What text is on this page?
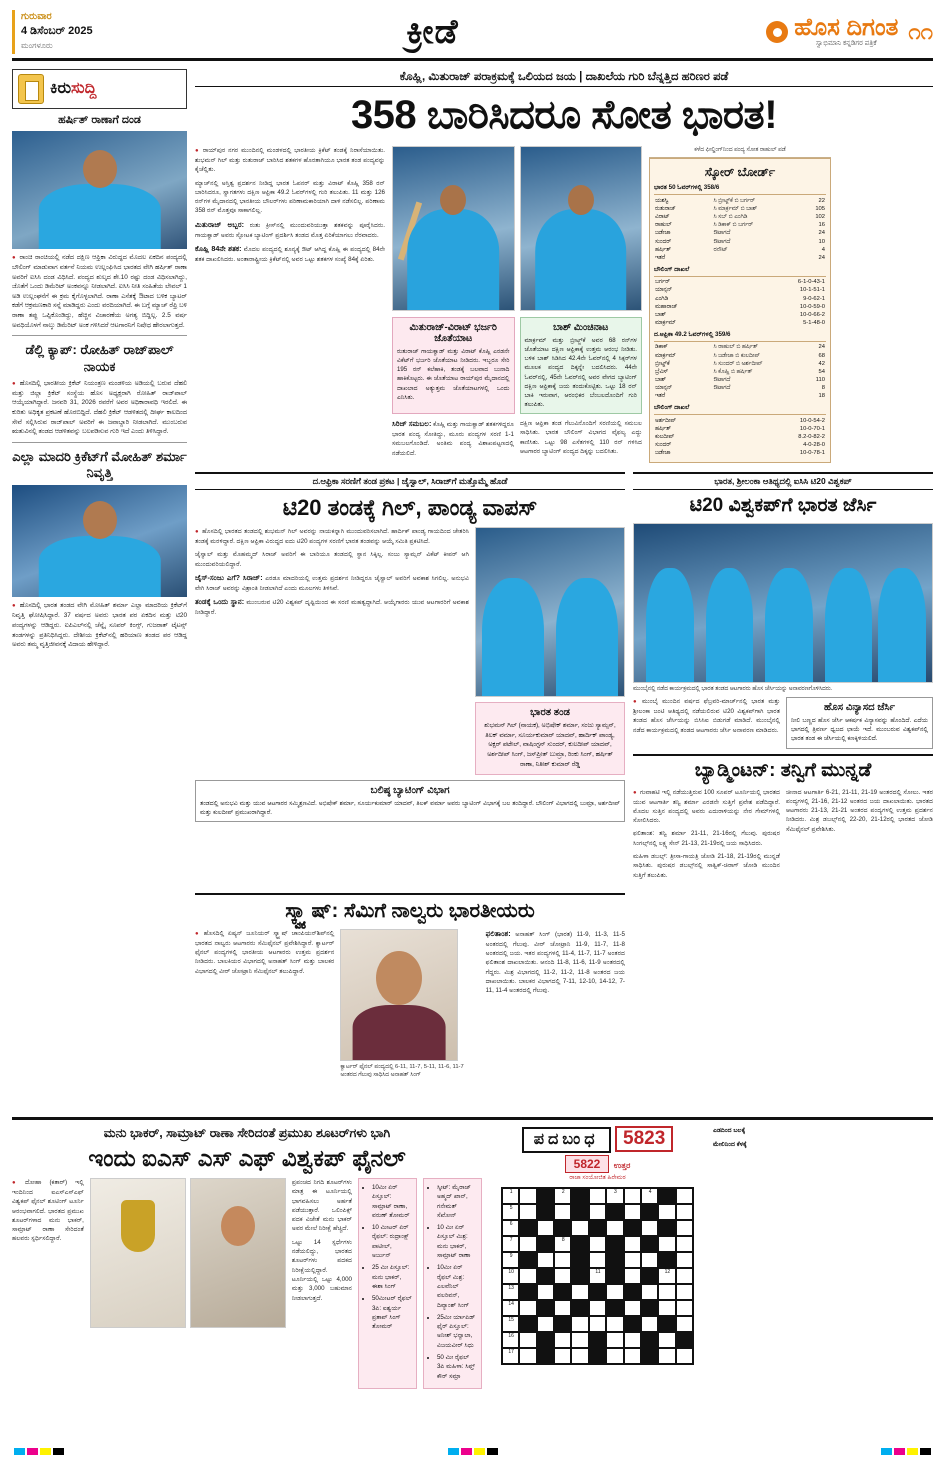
ಗುರುವಾರ
4 ಡಿಸೆಂಬರ್ 2025
ಮಂಗಳೂರು	ಕ್ರೀಡೆ	ಹೊಸ ದಿಗಂತ
ಸ್ವಾಭಿಮಾನಿ ಕನ್ನಡಿಗರ ಪತ್ರಿಕೆ	೧೧
ಕಿರುಸುದ್ದಿ
ಹರ್ಷಿತ್ ರಾಣಾಗೆ ದಂಡ

● ರಾಂಚಿ ರಾಂಚಿಯಲ್ಲಿ ನಡೆದ ದಕ್ಷಿಣ ಆಫ್ರಿಕಾ ವಿರುದ್ಧದ ಮೊದಲ ಏಕದಿನ ಪಂದ್ಯದಲ್ಲಿ ಬೌಲಿಂಗ್ ಮಾಡುವಾಗ ವರ್ತನೆ ನಿಯಮ ಉಲ್ಲಂಘಿಸಿದ ಭಾರತದ ವೇಗಿ ಹರ್ಷಿತ್ ರಾಣಾ ಅವರಿಗೆ ಐಸಿಸಿ ದಂಡ ವಿಧಿಸಿದೆ. ಪಂದ್ಯದ ಶುಲ್ಕದ ಶೇ.10 ರಷ್ಟು ದಂಡ ವಿಧಿಸಲಾಗಿದ್ದು, ಜೊತೆಗೆ ಒಂದು ಡಿಮೆರಿಟ್ ಅಂಕವನ್ನೂ ನೀಡಲಾಗಿದೆ. ಐಸಿಸಿ ನೀತಿ ಸಂಹಿತೆಯ ಲೇವಲ್ 1 ಅಡಿ ಉಲ್ಲಂಘನೆಗೆ ಈ ಕ್ರಮ ಕೈಗೊಳ್ಳಲಾಗಿದೆ. ರಾಣಾ ಎಸೆತಕ್ಕೆ ಔಟಾದ ಬಳಿಕ ಬ್ಯಾಟರ್ ಕಡೆಗೆ ಆಕ್ರಮಣಕಾರಿ ಸನ್ನೆ ಮಾಡಿದ್ದರು ಎಂದು ವರದಿಯಾಗಿದೆ. ಈ ಬಗ್ಗೆ ಮ್ಯಾಚ್ ರೆಫ್ರಿ ಬಳಿ ರಾಣಾ ತಪ್ಪು ಒಪ್ಪಿಕೊಂಡಿದ್ದು, ಹೆಚ್ಚಿನ ವಿಚಾರಣೆಯ ಅಗತ್ಯ ಬಿದ್ದಿಲ್ಲ. 2.5 ವರ್ಷ ಅವಧಿಯೊಳಗೆ ನಾಲ್ಕು ಡಿಮೆರಿಟ್ ಅಂಕ ಗಳಿಸಿದರೆ ಆಟಗಾರನಿಗೆ ನಿಷೇಧ ಹೇರಲಾಗುತ್ತದೆ.

ಡೆಲ್ಲಿ ಕ್ಯಾಪ್: ರೋಹಿತ್ ರಾಜ್‌ಪಾಲ್ ನಾಯಕ

● ಹೊಸದಿಲ್ಲಿ ಭಾರತೀಯ ಕ್ರಿಕೆಟ್ ನಿಯಂತ್ರಣ ಮಂಡಳಿಯ ಅಡಿಯಲ್ಲಿ ಬರುವ ದೆಹಲಿ ಮತ್ತು ಜಿಲ್ಲಾ ಕ್ರಿಕೆಟ್ ಸಂಸ್ಥೆಯ ಹೊಸ ಅಧ್ಯಕ್ಷರಾಗಿ ರೋಹಿತ್ ರಾಜ್‌ಪಾಲ್ ಆಯ್ಕೆಯಾಗಿದ್ದಾರೆ. ಜನವರಿ 31, 2026 ರವರೆಗೆ ಅವರ ಅಧಿಕಾರಾವಧಿ ಇರಲಿದೆ. ಈ ಕುರಿತು ಅಧಿಕೃತ ಪ್ರಕಟಣೆ ಹೊರಬಿದ್ದಿದೆ. ದೆಹಲಿ ಕ್ರಿಕೆಟ್ ಆಡಳಿತದಲ್ಲಿ ದೀರ್ಘ ಕಾಲದಿಂದ ಸೇವೆ ಸಲ್ಲಿಸಿರುವ ರಾಜ್‌ಪಾಲ್ ಅವರಿಗೆ ಈ ಜವಾಬ್ದಾರಿ ನೀಡಲಾಗಿದೆ. ಮುಂಬರುವ ಋತುವಿನಲ್ಲಿ ತಂಡದ ಆಡಳಿತವನ್ನು ಬಲಪಡಿಸುವ ಗುರಿ ಇದೆ ಎಂದು ತಿಳಿಸಿದ್ದಾರೆ.

ಎಲ್ಲಾ ಮಾದರಿ ಕ್ರಿಕೆಟ್‌ಗೆ ಮೋಹಿತ್ ಶರ್ಮಾ ನಿವೃತ್ತಿ

● ಹೊಸದಿಲ್ಲಿ ಭಾರತ ತಂಡದ ವೇಗಿ ಮೋಹಿತ್ ಶರ್ಮಾ ಎಲ್ಲಾ ಮಾದರಿಯ ಕ್ರಿಕೆಟ್‌ಗೆ ನಿವೃತ್ತಿ ಘೋಷಿಸಿದ್ದಾರೆ. 37 ವರ್ಷದ ಅವರು ಭಾರತ ಪರ ಏಕದಿನ ಮತ್ತು ಟಿ20 ಪಂದ್ಯಗಳನ್ನು ಆಡಿದ್ದರು. ಐಪಿಎಲ್‌ನಲ್ಲಿ ಚೆನ್ನೈ ಸೂಪರ್ ಕಿಂಗ್ಸ್, ಗುಜರಾತ್ ಟೈಟನ್ಸ್ ತಂಡಗಳನ್ನು ಪ್ರತಿನಿಧಿಸಿದ್ದರು. ದೇಶೀಯ ಕ್ರಿಕೆಟ್‌ನಲ್ಲಿ ಹರಿಯಾಣ ತಂಡದ ಪರ ಆಡಿದ್ದ ಅವರು ತಮ್ಮ ವೃತ್ತಿಜೀವನಕ್ಕೆ ವಿದಾಯ ಹೇಳಿದ್ದಾರೆ.

ಕೊಹ್ಲಿ, ಮಿತುರಾಜ್ ಪರಾಕ್ರಮಕ್ಕೆ ಒಲಿಯದ ಜಯ | ದಾಖಲೆಯ ಗುರಿ ಬೆನ್ನತ್ತಿದ ಹರಿಣರ ಪಡೆ
358 ಬಾರಿಸಿದರೂ ಸೋತ ಭಾರತ!

● ರಾಯ್‌ಪುರ ನಗರ ಮುಂದಿನಲ್ಲಿ ಮಂಡಳದಲ್ಲಿ ಭಾರತೀಯ ಕ್ರಿಕೆಟ್ ತಂಡಕ್ಕೆ ನಿರಾಸೆಯಾಯಿತು. ಶುಭಮನ್ ಗಿಲ್ ಮತ್ತು ರುತುರಾಜ್ ಬಾರಿಸಿದ ಶತಕಗಳ ಹೊರತಾಗಿಯೂ ಭಾರತ ತಂಡ ಪಂದ್ಯವನ್ನು ಕೈಚೆಲ್ಲಿತು.

ಮ್ಯಾಚ್‌ನಲ್ಲಿ ಅಸ್ತಿತ್ವ ಪ್ರದರ್ಶನ ನೀಡಿದ್ದ ಭಾರತ ಓಪನರ್ ಮತ್ತು ವಿರಾಟ್ ಕೊಹ್ಲಿ 358 ರನ್ ಬಾರಿಸಿದರೂ, ಸ್ವಾಗತಗಳು ದಕ್ಷಿಣ ಆಫ್ರಿಕಾ 49.2 ಓವರ್‌ಗಳಲ್ಲಿ ಗುರಿ ತಲುಪಿತು. 11 ಮತ್ತು 126 ರನ್‌ಗಳ ಮೈದಾನದಲ್ಲಿ ಭಾರತೀಯ ಬೌಲರ್‌ಗಳು ಪರಿಣಾಮಕಾರಿಯಾಗಿ ದಾಳಿ ನಡೆಸಲಿಲ್ಲ. ಪರಿಣಾಮ 358 ರನ್ ಮೊತ್ತವೂ ಸಾಕಾಗಲಿಲ್ಲ.

ಮಿತುರಾಜ್ ಅಬ್ಬರ: ರುತು ಕ್ರೀಸ್‌ನಲ್ಲಿ ಮುಂದುವರಿಯುತ್ತಾ ಶತಕವನ್ನು ಪೂರೈಸಿದರು. ಗಾಯಕ್ವಾಡ್ ಅವರು ಸ್ಫೋಟಕ ಬ್ಯಾಟಿಂಗ್ ಪ್ರದರ್ಶಿಸಿ ತಂಡದ ಮೊತ್ತ ಏರಿಕೆಯಾಗಲು ನೆರವಾದರು.

ಕೊಹ್ಲಿ 84ನೇ ಶತಕ: ಮೊದಲ ಪಂದ್ಯದಲ್ಲಿ ಶೂನ್ಯಕ್ಕೆ ಔಟ್ ಆಗಿದ್ದ ಕೊಹ್ಲಿ ಈ ಪಂದ್ಯದಲ್ಲಿ 84ನೇ ಶತಕ ದಾಖಲಿಸಿದರು. ಅಂತಾರಾಷ್ಟ್ರೀಯ ಕ್ರಿಕೆಟ್‌ನಲ್ಲಿ ಅವರ ಒಟ್ಟು ಶತಕಗಳ ಸಂಖ್ಯೆ 84ಕ್ಕೆ ಏರಿತು.

ಮಿತುರಾಜ್-ವಿರಾಟ್ ಭರ್ಜರಿ ಜೊತೆಯಾಟ

ರುತುರಾಜ್ ಗಾಯಕ್ವಾಡ್ ಮತ್ತು ವಿರಾಟ್ ಕೊಹ್ಲಿ ಎರಡನೇ ವಿಕೆಟ್‌ಗೆ ಭರ್ಜರಿ ಜೊತೆಯಾಟ ನೀಡಿದರು. ಇಬ್ಬರೂ ಸೇರಿ 195 ರನ್ ಕಲೆಹಾಕಿ, ತಂಡಕ್ಕೆ ಬಲವಾದ ಬುನಾದಿ ಹಾಕಿಕೊಟ್ಟರು. ಈ ಜೊತೆಯಾಟ ರಾಯ್‌ಪುರ ಮೈದಾನದಲ್ಲಿ ದಾಖಲಾದ ಅತ್ಯುತ್ತಮ ಜೊತೆಯಾಟಗಳಲ್ಲಿ ಒಂದು ಎನಿಸಿತು.

ಬಾಶ್ ಮಿಂಚಿನಾಟ

ಮಾರ್ಕ್ರಮ್ ಮತ್ತು ಬ್ರೀಟ್ಜ್‌ಕೆ ಅವರ 68 ರನ್‌ಗಳ ಜೊತೆಯಾಟ ದಕ್ಷಿಣ ಆಫ್ರಿಕಾಕ್ಕೆ ಉತ್ತಮ ಆರಂಭ ನೀಡಿತು. ಬಳಿಕ ಬಾಶ್ ಸಿಡಿಸಿದ 42.4ನೇ ಓವರ್‌ನಲ್ಲಿ 4 ಸಿಕ್ಸರ್‌ಗಳ ಮೂಲಕ ಪಂದ್ಯದ ದಿಕ್ಕನ್ನೇ ಬದಲಿಸಿದರು. 44ನೇ ಓವರ್‌ನಲ್ಲಿ, 45ನೇ ಓವರ್‌ನಲ್ಲಿ ಅವರ ವೇಗದ ಬ್ಯಾಟಿಂಗ್ ದಕ್ಷಿಣ ಆಫ್ರಿಕಾಕ್ಕೆ ಜಯ ತಂದುಕೊಟ್ಟಿತು. ಒಟ್ಟು 18 ರನ್ ಬಾಕಿ ಇರುವಾಗ, ಆರಂಭಿಕರ ಬೆಂಬಲದೊಂದಿಗೆ ಗುರಿ ತಲುಪಿತು.

ಸಿರಿಜ್ ಸಮಬಲ: ಕೊಹ್ಲಿ ಮತ್ತು ಗಾಯಕ್ವಾಡ್ ಶತಕಗಳಿದ್ದರೂ ಭಾರತ ಪಂದ್ಯ ಸೋತಿದ್ದು, ಮೂರು ಪಂದ್ಯಗಳ ಸರಣಿ 1-1 ಸಮಬಲಗೊಂಡಿದೆ. ಅಂತಿಮ ಪಂದ್ಯ ವಿಶಾಖಪಟ್ಟಣದಲ್ಲಿ ನಡೆಯಲಿದೆ.

ದಕ್ಷಿಣ ಆಫ್ರಿಕಾ ತಂಡ ಗೆಲುವಿನೊಂದಿಗೆ ಸರಣಿಯಲ್ಲಿ ಸಮಬಲ ಸಾಧಿಸಿತು. ಭಾರತ ಬೌಲಿಂಗ್ ವಿಭಾಗದ ವೈಫಲ್ಯ ಎದ್ದು ಕಾಣಿಸಿತು. ಒಟ್ಟು 98 ಎಸೆತಗಳಲ್ಲಿ 110 ರನ್ ಗಳಿಸಿದ ಆಟಗಾರರ ಬ್ಯಾಟಿಂಗ್ ಪಂದ್ಯದ ದಿಕ್ಕನ್ನು ಬದಲಿಸಿತು.

ಕಳೆದ ಫೀಲ್ಡಿಂಗ್‌ನಿಂದ ಪಂದ್ಯ ಸೋತ ರಾಹುಲ್ ಪಡೆ
ಸ್ಕೋರ್ ಬೋರ್ಡ್
ಭಾರತ 50 ಓವರ್‌ಗಳಲ್ಲಿ 358/6
ಯಶಸ್ವಿ	ಸಿ ಬ್ರೀಟ್ಜ್‌ಕೆ ಬಿ ಬರ್ಗರ್	22
ರುತುರಾಜ್	ಸಿ ಮಾರ್ಕ್ರಮ್ ಬಿ ಬಾಶ್	105
ವಿರಾಟ್	ಸಿ ಸಬ್ ಬಿ ಎಂಗಿಡಿ	102
ರಾಹುಲ್	ಸಿ ಡಿಕಾಕ್ ಬಿ ಬರ್ಗರ್	16
ಜಡೇಜಾ	ಔಟಾಗದೆ	24
ಸುಂದರ್	ಔಟಾಗದೆ	10
ಹರ್ಷಿತ್	ರನೌಟ್	4
ಇತರೆ		24
ಬೌಲಿಂಗ್ ದಾಖಲೆ
ಬರ್ಗರ್	6-1-0-43-1
ಯಾನ್ಸನ್	10-1-51-1
ಎಂಗಿಡಿ	9-0-62-1
ಮಹಾರಾಜ್	10-0-59-0
ಬಾಶ್	10-0-66-2
ಮಾರ್ಕ್ರಮ್	5-1-48-0
ದ.ಆಫ್ರಿಕಾ 49.2 ಓವರ್‌ಗಳಲ್ಲಿ 359/6
ಡಿಕಾಕ್	ಸಿ ರಾಹುಲ್ ಬಿ ಹರ್ಷಿತ್	24
ಮಾರ್ಕ್ರಮ್	ಸಿ ಜಡೇಜಾ ಬಿ ಕುಲದೀಪ್	68
ಬ್ರೀಟ್ಜ್‌ಕೆ	ಸಿ ಸುಂದರ್ ಬಿ ಅರ್ಶದೀಪ್	42
ಬ್ರೆವಿಸ್	ಸಿ ಕೊಹ್ಲಿ ಬಿ ಹರ್ಷಿತ್	54
ಬಾಶ್	ಔಟಾಗದೆ	110
ಯಾನ್ಸನ್	ಔಟಾಗದೆ	8
ಇತರೆ		18
ಬೌಲಿಂಗ್ ದಾಖಲೆ
ಅರ್ಶದೀಪ್	10-0-54-2
ಹರ್ಷಿತ್	10-0-70-1
ಕುಲದೀಪ್	8.2-0-82-2
ಸುಂದರ್	4-0-28-0
ಜಡೇಜಾ	10-0-78-1
ದ.ಆಫ್ರಿಕಾ ಸರಣಿಗೆ ತಂಡ ಪ್ರಕಟ | ಜೈಸ್ವಾಲ್, ಸಿರಾಜ್‌ಗೆ ಮತ್ತೊಮ್ಮೆ ಹೊಡೆ
ಟಿ20 ತಂಡಕ್ಕೆ ಗಿಲ್, ಪಾಂಡ್ಯ ವಾಪಸ್

● ಹೊಸದಿಲ್ಲಿ ಭಾರತದ ತಂಡದಲ್ಲಿ ಶುಭಮನ್ ಗಿಲ್ ಅವರನ್ನು ನಾಯಕನ್ನಾಗಿ ಮುಂದುವರಿಸಲಾಗಿದೆ. ಹಾರ್ದಿಕ್ ಪಾಂಡ್ಯ ಗಾಯದಿಂದ ಚೇತರಿಸಿ ತಂಡಕ್ಕೆ ಮರಳಿದ್ದಾರೆ. ದಕ್ಷಿಣ ಆಫ್ರಿಕಾ ವಿರುದ್ಧದ ಐದು ಟಿ20 ಪಂದ್ಯಗಳ ಸರಣಿಗೆ ಭಾರತ ತಂಡವನ್ನು ಆಯ್ಕೆ ಸಮಿತಿ ಪ್ರಕಟಿಸಿದೆ.

ಜೈಸ್ವಾಲ್ ಮತ್ತು ಮೊಹಮ್ಮದ್ ಸಿರಾಜ್ ಅವರಿಗೆ ಈ ಬಾರಿಯೂ ತಂಡದಲ್ಲಿ ಸ್ಥಾನ ಸಿಕ್ಕಿಲ್ಲ. ಸಂಜು ಸ್ಯಾಮ್ಸನ್ ವಿಕೆಟ್ ಕೀಪರ್ ಆಗಿ ಮುಂದುವರಿಯಲಿದ್ದಾರೆ.

ಜೈಸ್-ಸಂಜು ಎಗೆ? ಸಿರಾಜ್: ಎರಡೂ ಮಾದರಿಯಲ್ಲಿ ಉತ್ತಮ ಪ್ರದರ್ಶನ ನೀಡಿದ್ದರೂ ಜೈಸ್ವಾಲ್ ಅವರಿಗೆ ಅವಕಾಶ ಸಿಗಲಿಲ್ಲ. ಅನುಭವಿ ವೇಗಿ ಸಿರಾಜ್ ಅವರನ್ನು ವಿಶ್ರಾಂತಿ ನೀಡಲಾಗಿದೆ ಎಂದು ಮೂಲಗಳು ತಿಳಿಸಿವೆ.

ತಂಡಕ್ಕೆ ಒಂದು ಸ್ಥಾನ: ಮುಂಬರುವ ಟಿ20 ವಿಶ್ವಕಪ್ ದೃಷ್ಟಿಯಿಂದ ಈ ಸರಣಿ ಮಹತ್ವದ್ದಾಗಿದೆ. ಆಯ್ಕೆಗಾರರು ಯುವ ಆಟಗಾರರಿಗೆ ಅವಕಾಶ ನೀಡಿದ್ದಾರೆ.

ಭಾರತ ತಂಡ
ಶುಭಮನ್ ಗಿಲ್ (ನಾಯಕ), ಅಭಿಷೇಕ್ ಶರ್ಮಾ, ಸಂಜು ಸ್ಯಾಮ್ಸನ್, ತಿಲಕ್ ವರ್ಮಾ, ಸೂರ್ಯಕುಮಾರ್ ಯಾದವ್, ಹಾರ್ದಿಕ್ ಪಾಂಡ್ಯ, ಅಕ್ಷರ್ ಪಟೇಲ್, ವಾಷಿಂಗ್ಟನ್ ಸುಂದರ್, ಕುಲದೀಪ್ ಯಾದವ್, ಅರ್ಶದೀಪ್ ಸಿಂಗ್, ಜಸ್‌ಪ್ರೀತ್ ಬುಮ್ರಾ, ರಿಂಕು ಸಿಂಗ್, ಹರ್ಷಿತ್ ರಾಣಾ, ನಿತೀಶ್ ಕುಮಾರ್ ರೆಡ್ಡಿ
ಬಲಿಷ್ಠ ಬ್ಯಾಟಿಂಗ್ ವಿಭಾಗ

ತಂಡದಲ್ಲಿ ಅನುಭವಿ ಮತ್ತು ಯುವ ಆಟಗಾರರ ಸಮ್ಮಿಶ್ರಣವಿದೆ. ಅಭಿಷೇಕ್ ಶರ್ಮಾ, ಸೂರ್ಯಕುಮಾರ್ ಯಾದವ್, ತಿಲಕ್ ವರ್ಮಾ ಅವರು ಬ್ಯಾಟಿಂಗ್ ವಿಭಾಗಕ್ಕೆ ಬಲ ತಂದಿದ್ದಾರೆ. ಬೌಲಿಂಗ್ ವಿಭಾಗದಲ್ಲಿ ಬುಮ್ರಾ, ಅರ್ಶದೀಪ್ ಮತ್ತು ಕುಲದೀಪ್ ಪ್ರಮುಖರಾಗಿದ್ದಾರೆ.

ಭಾರತ, ಶ್ರೀಲಂಕಾ ಆತಿಥ್ಯದಲ್ಲಿ ಐಸಿಸಿ ಟಿ20 ವಿಶ್ವಕಪ್
ಟಿ20 ವಿಶ್ವಕಪ್‌ಗೆ ಭಾರತ ಜೆರ್ಸಿ
ಮುಂಬೈನಲ್ಲಿ ನಡೆದ ಕಾರ್ಯಕ್ರಮದಲ್ಲಿ ಭಾರತ ತಂಡದ ಆಟಗಾರರು ಹೊಸ ಜೆರ್ಸಿಯನ್ನು ಅನಾವರಣಗೊಳಿಸಿದರು.

● ಮುಂಬೈ ಮುಂದಿನ ವರ್ಷದ ಫೆಬ್ರವರಿ-ಮಾರ್ಚ್‌ನಲ್ಲಿ ಭಾರತ ಮತ್ತು ಶ್ರೀಲಂಕಾ ಜಂಟಿ ಆತಿಥ್ಯದಲ್ಲಿ ನಡೆಯಲಿರುವ ಟಿ20 ವಿಶ್ವಕಪ್‌ಗಾಗಿ ಭಾರತ ತಂಡದ ಹೊಸ ಜೆರ್ಸಿಯನ್ನು ಬಿಸಿಸಿಐ ಬಿಡುಗಡೆ ಮಾಡಿದೆ. ಮುಂಬೈನಲ್ಲಿ ನಡೆದ ಕಾರ್ಯಕ್ರಮದಲ್ಲಿ ತಂಡದ ಆಟಗಾರರು ಜೆರ್ಸಿ ಅನಾವರಣ ಮಾಡಿದರು.

ಹೊಸ ವಿನ್ಯಾಸದ ಜೆರ್ಸಿ

ನೀಲಿ ಬಣ್ಣದ ಹೊಸ ಜೆರ್ಸಿ ಆಕರ್ಷಕ ವಿನ್ಯಾಸವನ್ನು ಹೊಂದಿದೆ. ಎದೆಯ ಭಾಗದಲ್ಲಿ ತ್ರಿವರ್ಣ ಧ್ವಜದ ಛಾಯೆ ಇದೆ. ಮುಂಬರುವ ವಿಶ್ವಕಪ್‌ನಲ್ಲಿ ಭಾರತ ತಂಡ ಈ ಜೆರ್ಸಿಯಲ್ಲಿ ಕಣಕ್ಕಿಳಿಯಲಿದೆ.

ಬ್ಯಾಡ್ಮಿಂಟನ್: ತನ್ವಿಗೆ ಮುನ್ನಡೆ

● ಗುವಾಹಟಿ ಇಲ್ಲಿ ನಡೆಯುತ್ತಿರುವ 100 ಸೂಪರ್ ಟೂರ್ನಿಯಲ್ಲಿ ಭಾರತದ ಯುವ ಆಟಗಾರ್ತಿ ತನ್ವಿ ಶರ್ಮಾ ಎರಡನೇ ಸುತ್ತಿಗೆ ಪ್ರವೇಶ ಪಡೆದಿದ್ದಾರೆ. ಮೊದಲ ಸುತ್ತಿನ ಪಂದ್ಯದಲ್ಲಿ ಅವರು ಎದುರಾಳಿಯನ್ನು ನೇರ ಗೇಮ್‌ಗಳಲ್ಲಿ ಸೋಲಿಸಿದರು.

ಫಲಿತಾಂಶ: ತನ್ವಿ ಶರ್ಮಾ 21-11, 21-16ರಲ್ಲಿ ಗೆಲುವು. ಪುರುಷರ ಸಿಂಗಲ್ಸ್‌ನಲ್ಲಿ ಲಕ್ಷ್ಯ ಸೇನ್ 21-13, 21-19ರಲ್ಲಿ ಜಯ ಸಾಧಿಸಿದರು.

ಮಹಿಳಾ ಡಬಲ್ಸ್: ತ್ರೀಸಾ-ಗಾಯತ್ರಿ ಜೋಡಿ 21-18, 21-19ರಲ್ಲಿ ಮುನ್ನಡೆ ಸಾಧಿಸಿತು. ಪುರುಷರ ಡಬಲ್ಸ್‌ನಲ್ಲಿ ಸಾತ್ವಿಕ್-ಚಿರಾಗ್ ಜೋಡಿ ಮುಂದಿನ ಸುತ್ತಿಗೆ ತಲುಪಿತು.

ಚೀನಾದ ಆಟಗಾರ್ತಿ 6-21, 21-11, 21-19 ಅಂತರದಲ್ಲಿ ಸೋಲು. ಇತರ ಪಂದ್ಯಗಳಲ್ಲಿ 21-16, 21-12 ಅಂತರದ ಜಯ ದಾಖಲಾಯಿತು. ಭಾರತದ ಆಟಗಾರರು 21-13, 21-21 ಅಂತರದ ಪಂದ್ಯಗಳಲ್ಲಿ ಉತ್ತಮ ಪ್ರದರ್ಶನ ನೀಡಿದರು. ಮಿಶ್ರ ಡಬಲ್ಸ್‌ನಲ್ಲಿ 22-20, 21-12ರಲ್ಲಿ ಭಾರತದ ಜೋಡಿ ಸೆಮಿಫೈನಲ್ ಪ್ರವೇಶಿಸಿತು.

ಸ್ಕ್ವ್ಯಾಷ್: ಸೆಮಿಗೆ ನಾಲ್ವರು ಭಾರತೀಯರು

● ಹೊಸದಿಲ್ಲಿ ಏಷ್ಯನ್ ಜೂನಿಯರ್ ಸ್ಕ್ವ್ಯಾಷ್ ಚಾಂಪಿಯನ್‌ಶಿಪ್‌ನಲ್ಲಿ ಭಾರತದ ನಾಲ್ವರು ಆಟಗಾರರು ಸೆಮಿಫೈನಲ್ ಪ್ರವೇಶಿಸಿದ್ದಾರೆ. ಕ್ವಾರ್ಟರ್ ಫೈನಲ್ ಪಂದ್ಯಗಳಲ್ಲಿ ಭಾರತೀಯ ಆಟಗಾರರು ಉತ್ತಮ ಪ್ರದರ್ಶನ ನೀಡಿದರು. ಬಾಲಕಿಯರ ವಿಭಾಗದಲ್ಲಿ ಅನಾಹತ್ ಸಿಂಗ್ ಮತ್ತು ಬಾಲಕರ ವಿಭಾಗದಲ್ಲಿ ವೀರ್ ಚೋಟ್ರಾನಿ ಸೆಮಿಫೈನಲ್ ತಲುಪಿದ್ದಾರೆ.

ಕ್ವಾರ್ಟರ್ ಫೈನಲ್ ಪಂದ್ಯದಲ್ಲಿ 6-11, 11-7, 5-11, 11-6, 11-7 ಅಂತರದ ಗೆಲುವು ಸಾಧಿಸಿದ ಅನಾಹತ್ ಸಿಂಗ್

ಫಲಿತಾಂಶ: ಅನಾಹತ್ ಸಿಂಗ್ (ಭಾರತ) 11-9, 11-3, 11-5 ಅಂತರದಲ್ಲಿ ಗೆಲುವು. ವೀರ್ ಚೋಟ್ರಾನಿ 11-9, 11-7, 11-8 ಅಂತರದಲ್ಲಿ ಜಯ. ಇತರ ಪಂದ್ಯಗಳಲ್ಲಿ 11-4, 11-7, 11-7 ಅಂತರದ ಫಲಿತಾಂಶ ದಾಖಲಾಯಿತು. ಆನಂದಿ 11-8, 11-6, 11-9 ಅಂತರದಲ್ಲಿ ಗೆದ್ದರು. ಮಿಶ್ರ ವಿಭಾಗದಲ್ಲಿ 11-2, 11-2, 11-8 ಅಂತರದ ಜಯ ದಾಖಲಾಯಿತು. ಬಾಲಕರ ವಿಭಾಗದಲ್ಲಿ 7-11, 12-10, 14-12, 7-11, 11-4 ಅಂತರದಲ್ಲಿ ಗೆಲುವು.

ಮನು ಭಾಕರ್, ಸಾಮ್ರಾಟ್ ರಾಣಾ ಸೇರಿದಂತೆ ಪ್ರಮುಖ ಶೂಟರ್‌ಗಳು ಭಾಗಿ
ಇಂದು ಐಎಸ್ ಎಸ್ ಎಫ್ ವಿಶ್ವಕಪ್ ಫೈನಲ್

● ದೋಹಾ (ಕತಾರ್) ಇಲ್ಲಿ ಇಂದಿನಿಂದ ಐಎಸ್‌ಎಸ್‌ಎಫ್ ವಿಶ್ವಕಪ್ ಫೈನಲ್ ಶೂಟಿಂಗ್ ಟೂರ್ನಿ ಆರಂಭವಾಗಲಿದೆ. ಭಾರತದ ಪ್ರಮುಖ ಶೂಟರ್‌ಗಳಾದ ಮನು ಭಾಕರ್, ಸಾಮ್ರಾಟ್ ರಾಣಾ ಸೇರಿದಂತೆ ಹಲವರು ಸ್ಪರ್ಧಿಸಲಿದ್ದಾರೆ.

ಪ್ರಪಂಚದ ನಿಗದಿ ಶೂಟರ್‌ಗಳು ಮಾತ್ರ ಈ ಟೂರ್ನಿಯಲ್ಲಿ ಭಾಗವಹಿಸಲು ಅರ್ಹತೆ ಪಡೆಯುತ್ತಾರೆ. ಒಲಿಂಪಿಕ್ಸ್ ಪದಕ ವಿಜೇತೆ ಮನು ಭಾಕರ್ ಅವರ ಮೇಲೆ ನಿರೀಕ್ಷೆ ಹೆಚ್ಚಿದೆ.

ಒಟ್ಟು 14 ಸ್ಪರ್ಧೆಗಳು ನಡೆಯಲಿದ್ದು, ಭಾರತದ ಶೂಟರ್‌ಗಳು ಪದಕದ ನಿರೀಕ್ಷೆಯಲ್ಲಿದ್ದಾರೆ. ಟೂರ್ನಿಯಲ್ಲಿ ಒಟ್ಟು 4,000 ಮತ್ತು 3,000 ಬಹುಮಾನ ನೀಡಲಾಗುತ್ತದೆ.

• 10ಮೀ ಏರ್ ಪಿಸ್ತೂಲ್: ಸಾಮ್ರಾಟ್ ರಾಣಾ, ವರುಣ್ ತೋಮರ್
• 10 ಮೀಟರ್ ಏರ್ ರೈಫಲ್: ರುದ್ರಾಂಕ್ಷ್ ಪಾಟೀಲ್, ಅರ್ಜುನ್
• 25 ಮೀ ಪಿಸ್ತೂಲ್: ಮನು ಭಾಕರ್, ಈಶಾ ಸಿಂಗ್
• 50ಮೀಟರ್ ರೈಫಲ್ 3ಪಿ: ಐಶ್ವರ್ಯ ಪ್ರತಾಪ್ ಸಿಂಗ್ ತೋಮರ್
• ಸ್ಕೀಟ್: ಮೈರಾಜ್ ಅಹ್ಮದ್ ಖಾನ್, ಗನೇಮತ್ ಸೆಖೋನ್
• 10 ಮೀ ಏರ್ ಪಿಸ್ತೂಲ್ ಮಿಶ್ರ: ಮನು ಭಾಕರ್, ಸಾಮ್ರಾಟ್ ರಾಣಾ
• 10ಮೀ ಏರ್ ರೈಫಲ್ ಮಿಶ್ರ: ಎಲವೆನಿಲ್ ವಲರಿವನ್, ದಿವ್ಯಾಂಶ್ ಸಿಂಗ್
• 25ಮೀ ರ್ಯಾಪಿಡ್ ಫೈರ್ ಪಿಸ್ತೂಲ್: ಅನೀಶ್ ಭನ್ವಾಲಾ, ವಿಜಯವೀರ್ ಸಿಧು
• 50 ಮೀ ರೈಫಲ್ 3ಪಿ ಮಹಿಳಾ: ಸಿಫ್ತ್ ಕೌರ್ ಸಮ್ರಾ
ಪದಬಂಧ 5823
5822 ಉತ್ತರ
ರಾಜಾ ಸಂಯೋಜಿತ ಹಿರೇಮಠ
1	2	3	4
5
6
7	8
9
10	11	12
13
14
15
16
17
ಎಡದಿಂದ ಬಲಕ್ಕೆ
ಮೇಲಿನಿಂದ ಕೆಳಕ್ಕೆ
